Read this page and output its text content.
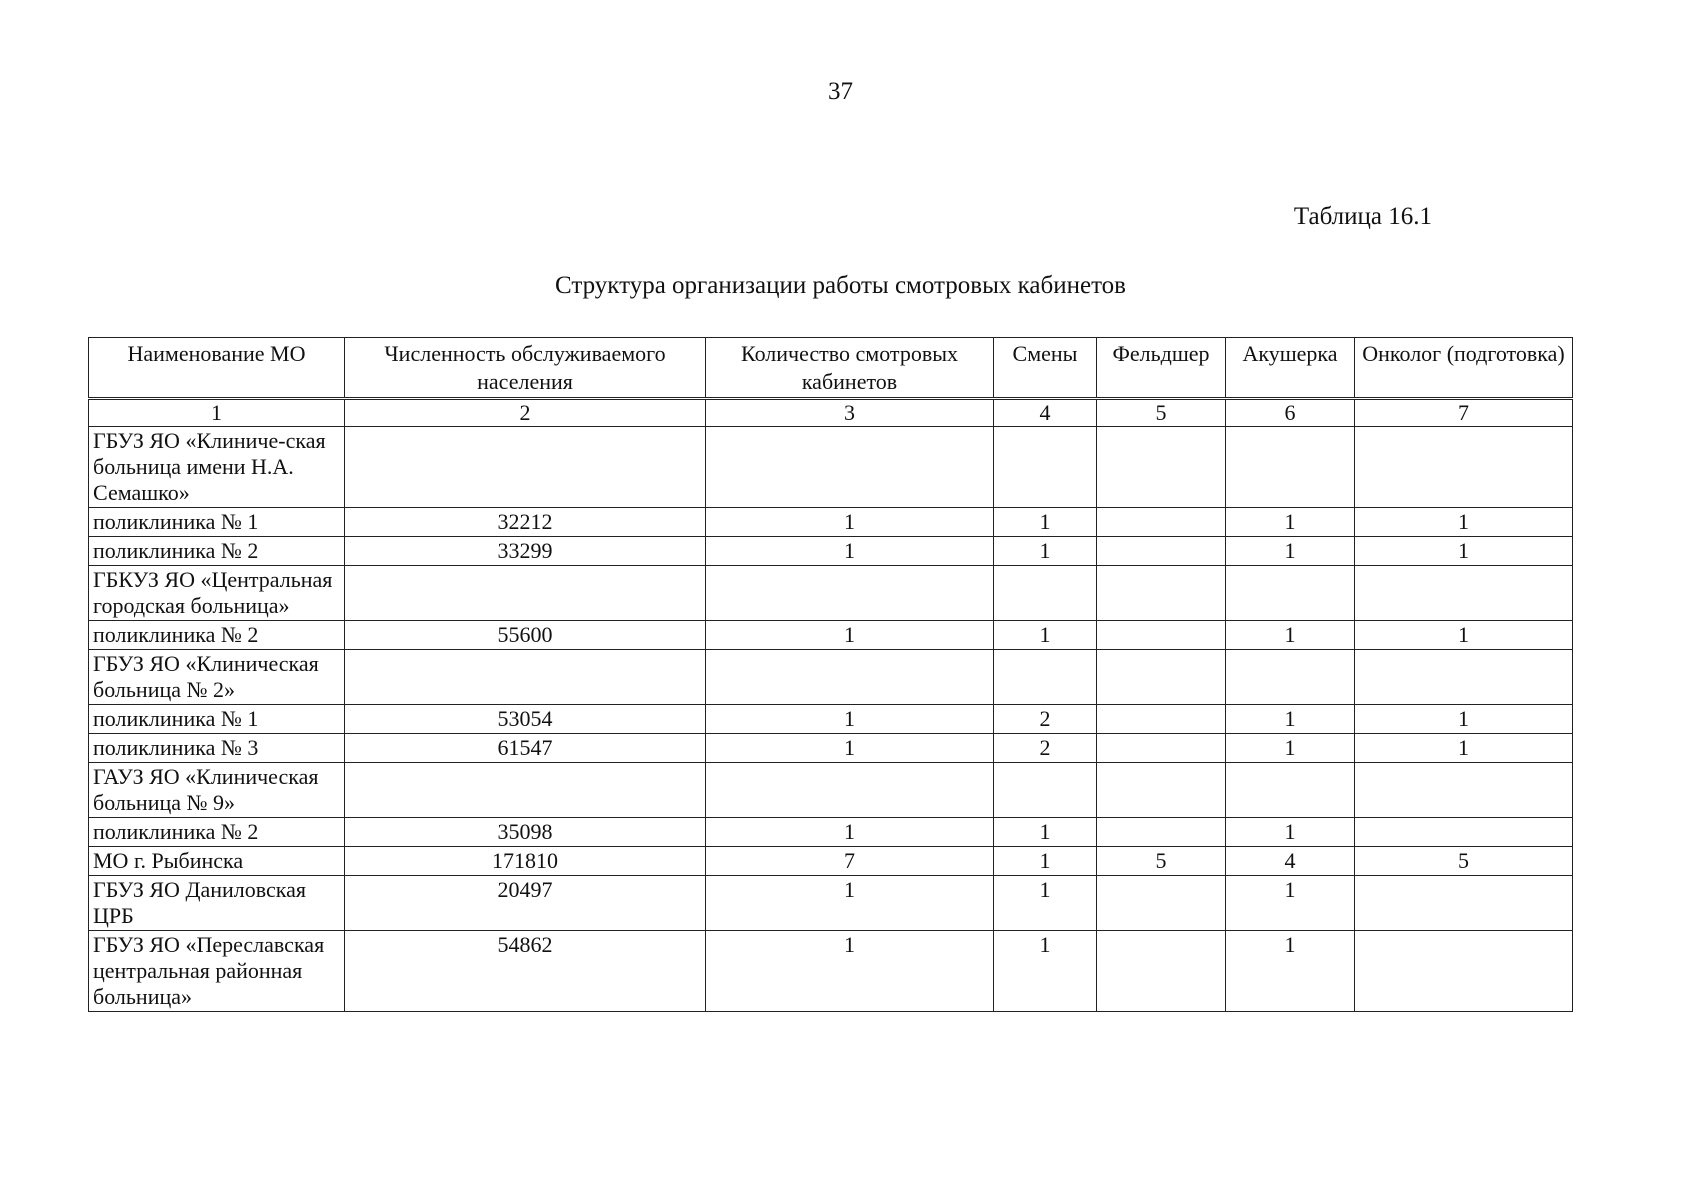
37
Таблица 16.1
Структура организации работы смотровых кабинетов
Наименование МО	Численность обслуживаемого населения	Количество смотровых кабинетов	Смены	Фельдшер	Акушерка	Онколог (подготовка)
1	2	3	4	5	6	7
ГБУЗ ЯО «Клиниче-ская больница имени Н.А. Семашко»						
поликлиника № 1	32212	1	1		1	1
поликлиника № 2	33299	1	1		1	1
ГБКУЗ ЯО «Центральная городская больница»						
поликлиника № 2	55600	1	1		1	1
ГБУЗ ЯО «Клиническая больница № 2»						
поликлиника № 1	53054	1	2		1	1
поликлиника № 3	61547	1	2		1	1
ГАУЗ ЯО «Клиническая больница № 9»						
поликлиника № 2	35098	1	1		1	
МО г. Рыбинска	171810	7	1	5	4	5
ГБУЗ ЯО Даниловская ЦРБ	20497	1	1		1	
ГБУЗ ЯО «Переславская центральная районная больница»	54862	1	1		1	
